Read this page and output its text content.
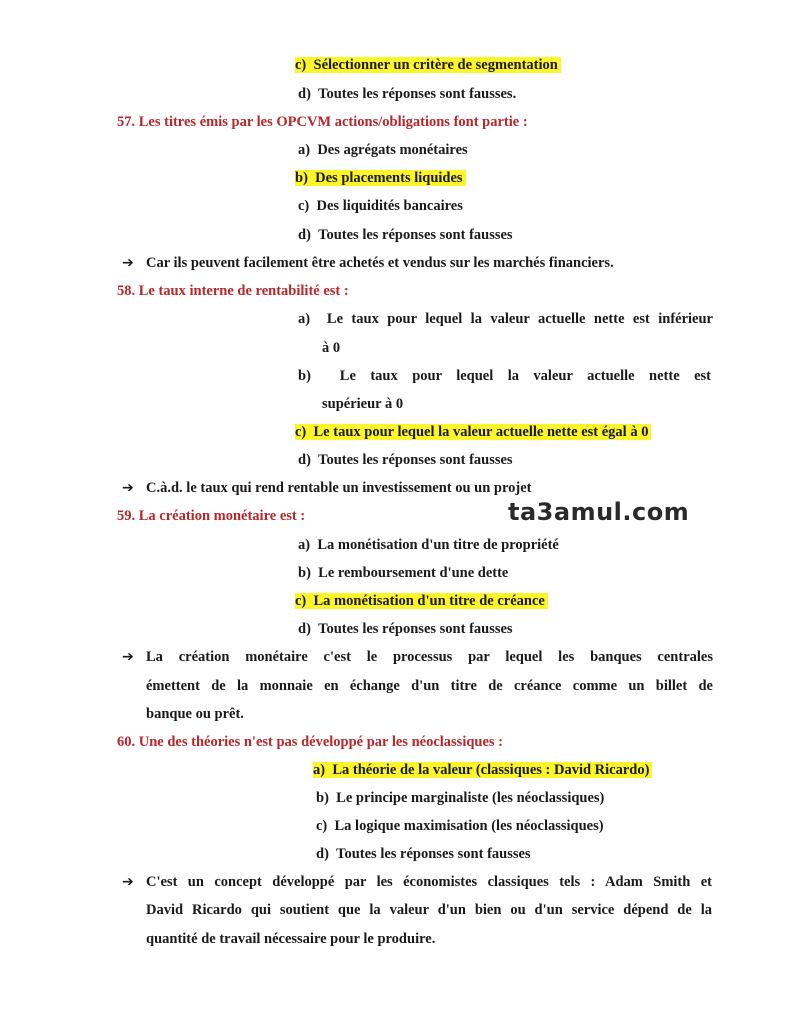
c)  Sélectionner un critère de segmentation
d)  Toutes les réponses sont fausses.
57. Les titres émis par les OPCVM actions/obligations font partie :
a)  Des agrégats monétaires
b)  Des placements liquides
c)  Des liquidités bancaires
d)  Toutes les réponses sont fausses
➔ Car ils peuvent facilement être achetés et vendus sur les marchés financiers.
58. Le taux interne de rentabilité est :
a)  Le taux pour lequel la valeur actuelle nette est inférieur
à 0
b)  Le taux pour lequel la valeur actuelle nette est
supérieur à 0
c)  Le taux pour lequel la valeur actuelle nette est égal à 0
d)  Toutes les réponses sont fausses
➔ C.à.d. le taux qui rend rentable un investissement ou un projet
ta3amul.com
59. La création monétaire est :
a)  La monétisation d'un titre de propriété
b)  Le remboursement d'une dette
c)  La monétisation d'un titre de créance
d)  Toutes les réponses sont fausses
➔ La création monétaire c'est le processus par lequel les banques centrales
émettent de la monnaie en échange d'un titre de créance comme un billet de
banque ou prêt.
60. Une des théories n'est pas développé par les néoclassiques :
a)  La théorie de la valeur (classiques : David Ricardo)
b)  Le principe marginaliste (les néoclassiques)
c)  La logique maximisation (les néoclassiques)
d)  Toutes les réponses sont fausses
➔ C'est un concept développé par les économistes classiques tels : Adam Smith et
David Ricardo qui soutient que la valeur d'un bien ou d'un service dépend de la
quantité de travail nécessaire pour le produire.
